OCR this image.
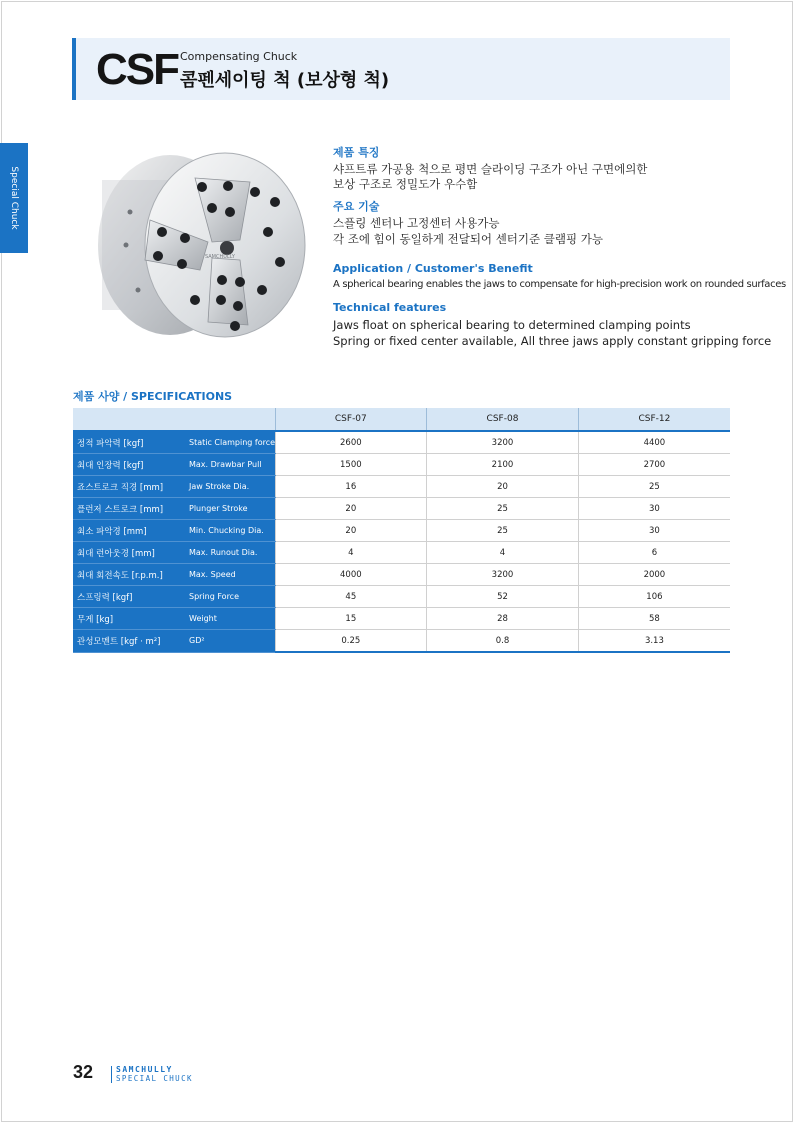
Special Chuck
CSF Compensating Chuck
콤펜세이팅 척 (보상형 척)
SAMCHULLY
제품 특징
샤프트류 가공용 척으로 평면 슬라이딩 구조가 아닌 구면에의한
보상 구조로 정밀도가 우수함
주요 기술
스플링 센터나 고정센터 사용가능
각 조에 힘이 동일하게 전달되어 센터기준 클램핑 가능
Application / Customer's Benefit
A spherical bearing enables the jaws to compensate for high-precision work on rounded surfaces
Technical features
Jaws float on spherical bearing to determined clamping points
Spring or fixed center available, All three jaws apply constant gripping force
제품 사양 / SPECIFICATIONS
		CSF-07	CSF-08	CSF-12
정적 파악력 [kgf]	Static Clamping force	2600	3200	4400
최대 인장력 [kgf]	Max. Drawbar Pull	1500	2100	2700
죠스트로크 직경 [mm]	Jaw Stroke Dia.	16	20	25
플런저 스트로크 [mm]	Plunger Stroke	20	25	30
최소 파악경 [mm]	Min. Chucking Dia.	20	25	30
최대 런아웃경 [mm]	Max. Runout Dia.	4	4	6
최대 회전속도 [r.p.m.]	Max. Speed	4000	3200	2000
스프링력 [kgf]	Spring Force	45	52	106
무게 [kg]	Weight	15	28	58
관성모멘트 [kgf · m²]	GD²	0.25	0.8	3.13
32	SAMCHULLY
SPECIAL CHUCK
